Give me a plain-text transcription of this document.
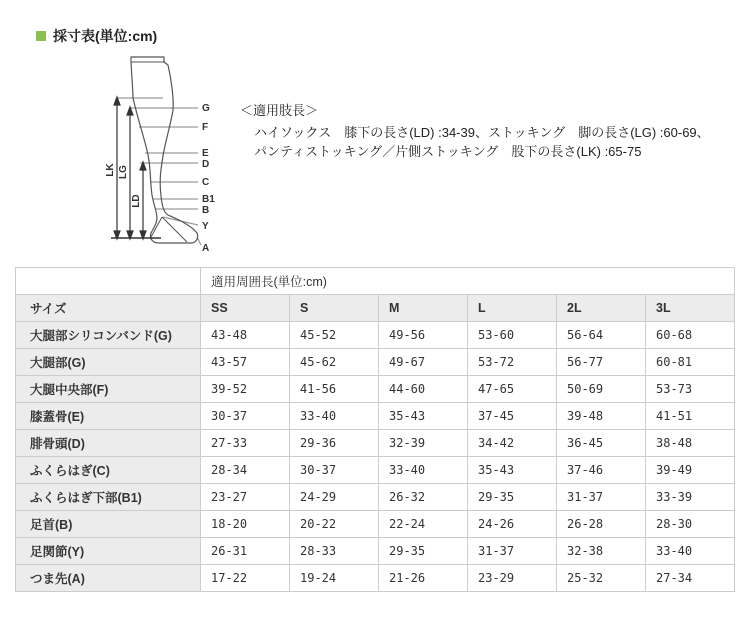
採寸表(単位:cm)
G
F
E
D
C
B1
B
Y
A
LK LG
LD
＜適用肢長＞
ハイソックス　膝下の長さ(LD) :34-39、ストッキング　脚の長さ(LG) :60-69、
パンティストッキング／片側ストッキング　股下の長さ(LK) :65-75
	適用周囲長(単位:cm)					
サイズ	SS	S	M	L	2L	3L
大腿部シリコンバンド(G)	43-48	45-52	49-56	53-60	56-64	60-68
大腿部(G)	43-57	45-62	49-67	53-72	56-77	60-81
大腿中央部(F)	39-52	41-56	44-60	47-65	50-69	53-73
膝蓋骨(E)	30-37	33-40	35-43	37-45	39-48	41-51
腓骨頭(D)	27-33	29-36	32-39	34-42	36-45	38-48
ふくらはぎ(C)	28-34	30-37	33-40	35-43	37-46	39-49
ふくらはぎ下部(B1)	23-27	24-29	26-32	29-35	31-37	33-39
足首(B)	18-20	20-22	22-24	24-26	26-28	28-30
足関節(Y)	26-31	28-33	29-35	31-37	32-38	33-40
つま先(A)	17-22	19-24	21-26	23-29	25-32	27-34
